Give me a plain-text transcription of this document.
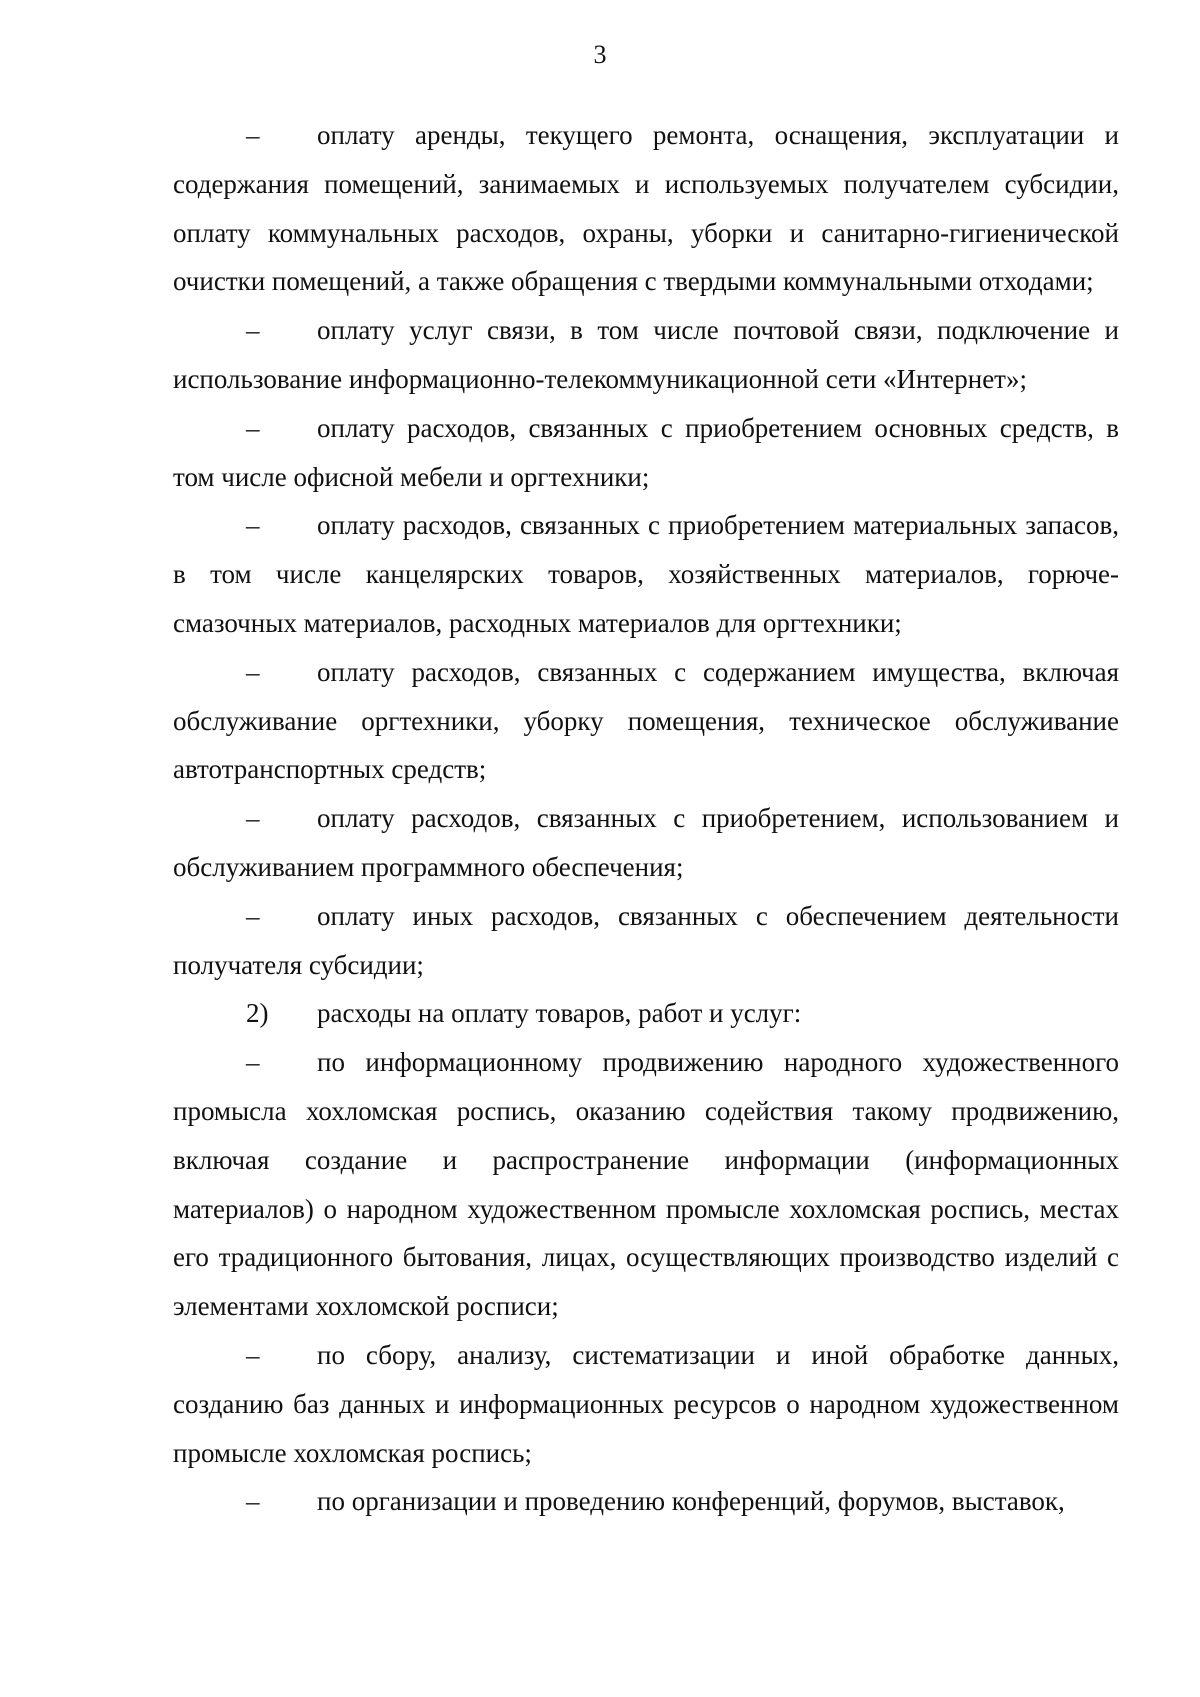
3

– оплату аренды, текущего ремонта, оснащения, эксплуатации и содержания помещений, занимаемых и используемых получателем субсидии, оплату коммунальных расходов, охраны, уборки и санитарно-гигиенической очистки помещений, а также обращения с твердыми коммунальными отходами;

– оплату услуг связи, в том числе почтовой связи, подключение и использование информационно-телекоммуникационной сети «Интернет»;

– оплату расходов, связанных с приобретением основных средств, в том числе офисной мебели и оргтехники;

– оплату расходов, связанных с приобретением материальных запасов, в том числе канцелярских товаров, хозяйственных материалов, горюче-смазочных материалов, расходных материалов для оргтехники;

– оплату расходов, связанных с содержанием имущества, включая обслуживание оргтехники, уборку помещения, техническое обслуживание автотранспортных средств;

– оплату расходов, связанных с приобретением, использованием и обслуживанием программного обеспечения;

– оплату иных расходов, связанных с обеспечением деятельности получателя субсидии;

2) расходы на оплату товаров, работ и услуг:

– по информационному продвижению народного художественного промысла хохломская роспись, оказанию содействия такому продвижению, включая создание и распространение информации (информационных материалов) о народном художественном промысле хохломская роспись, местах его традиционного бытования, лицах, осуществляющих производство изделий с элементами хохломской росписи;

– по сбору, анализу, систематизации и иной обработке данных, созданию баз данных и информационных ресурсов о народном художественном промысле хохломская роспись;

– по организации и проведению конференций, форумов, выставок,
